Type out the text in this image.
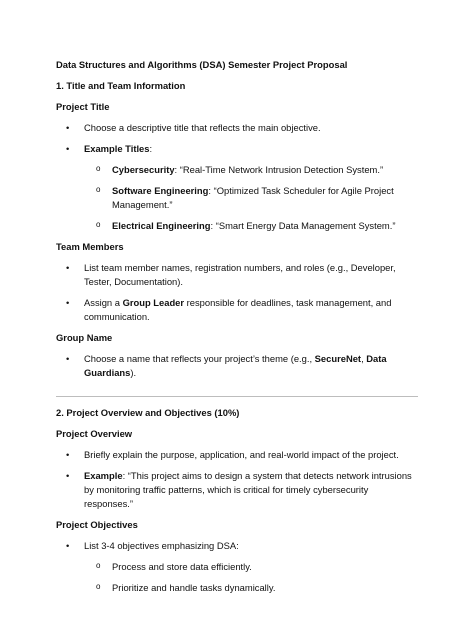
Data Structures and Algorithms (DSA) Semester Project Proposal
1. Title and Team Information
Project Title
• Choose a descriptive title that reflects the main objective.
• Example Titles:
o Cybersecurity: “Real-Time Network Intrusion Detection System.”
o Software Engineering: “Optimized Task Scheduler for Agile Project Management.”
o Electrical Engineering: “Smart Energy Data Management System.”
Team Members
• List team member names, registration numbers, and roles (e.g., Developer, Tester, Documentation).
• Assign a Group Leader responsible for deadlines, task management, and communication.
Group Name
• Choose a name that reflects your project’s theme (e.g., SecureNet, Data Guardians).
2. Project Overview and Objectives (10%)
Project Overview
• Briefly explain the purpose, application, and real-world impact of the project.
• Example: “This project aims to design a system that detects network intrusions by monitoring traffic patterns, which is critical for timely cybersecurity responses.”
Project Objectives
• List 3-4 objectives emphasizing DSA:
o Process and store data efficiently.
o Prioritize and handle tasks dynamically.
